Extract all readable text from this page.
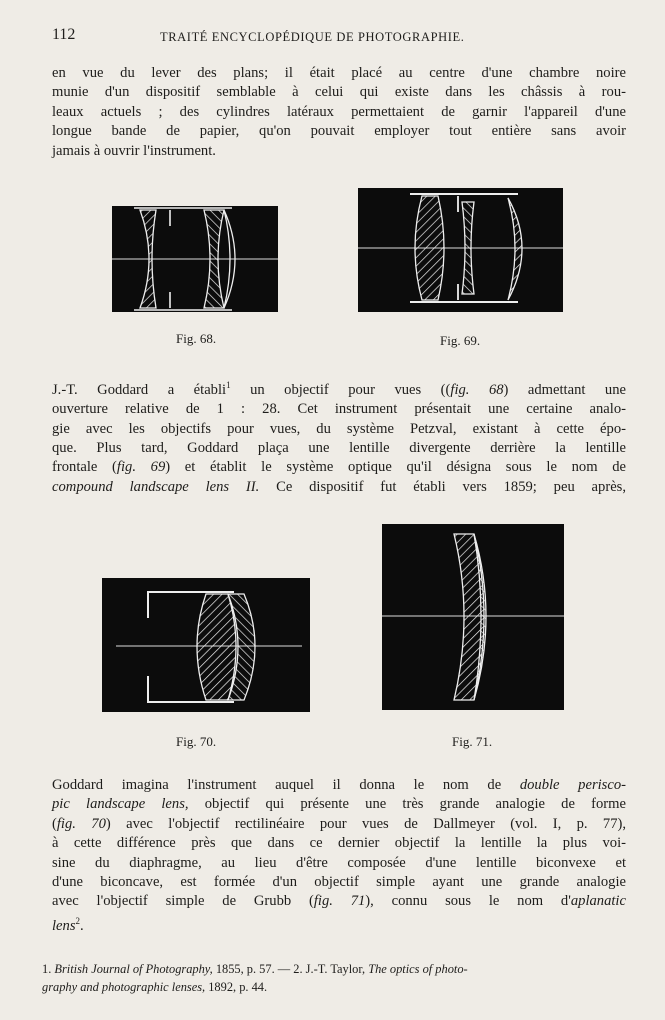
112	TRAITÉ ENCYCLOPÉDIQUE DE PHOTOGRAPHIE.
en vue du lever des plans; il était placé au centre d'une chambre noire
munie d'un dispositif semblable à celui qui existe dans les châssis à rou-
leaux actuels ; des cylindres latéraux permettaient de garnir l'appareil d'une
longue bande de papier, qu'on pouvait employer tout entière sans avoir
jamais à ouvrir l'instrument.
Fig. 68.	Fig. 69.
J.-T. Goddard a établi$^1$ un objectif pour vues ((fig. 68) admettant une
ouverture relative de 1 : 28. Cet instrument présentait une certaine analo-
gie avec les objectifs pour vues, du système Petzval, existant à cette épo-
que. Plus tard, Goddard plaça une lentille divergente derrière la lentille
frontale (fig. 69) et établit le système optique qu'il désigna sous le nom de
compound landscape lens II. Ce dispositif fut établi vers 1859; peu après,
Fig. 70.	Fig. 71.
Goddard imagina l'instrument auquel il donna le nom de double perisco-
pic landscape lens, objectif qui présente une très grande analogie de forme
(fig. 70) avec l'objectif rectilinéaire pour vues de Dallmeyer (vol. I, p. 77),
à cette différence près que dans ce dernier objectif la lentille la plus voi-
sine du diaphragme, au lieu d'être composée d'une lentille biconvexe et
d'une biconcave, est formée d'un objectif simple ayant une grande analogie
avec l'objectif simple de Grubb (fig. 71), connu sous le nom d'aplanatic
lens$^2$.
1. British Journal of Photography, 1855, p. 57. — 2. J.-T. Taylor, The optics of photo-
graphy and photographic lenses, 1892, p. 44.
